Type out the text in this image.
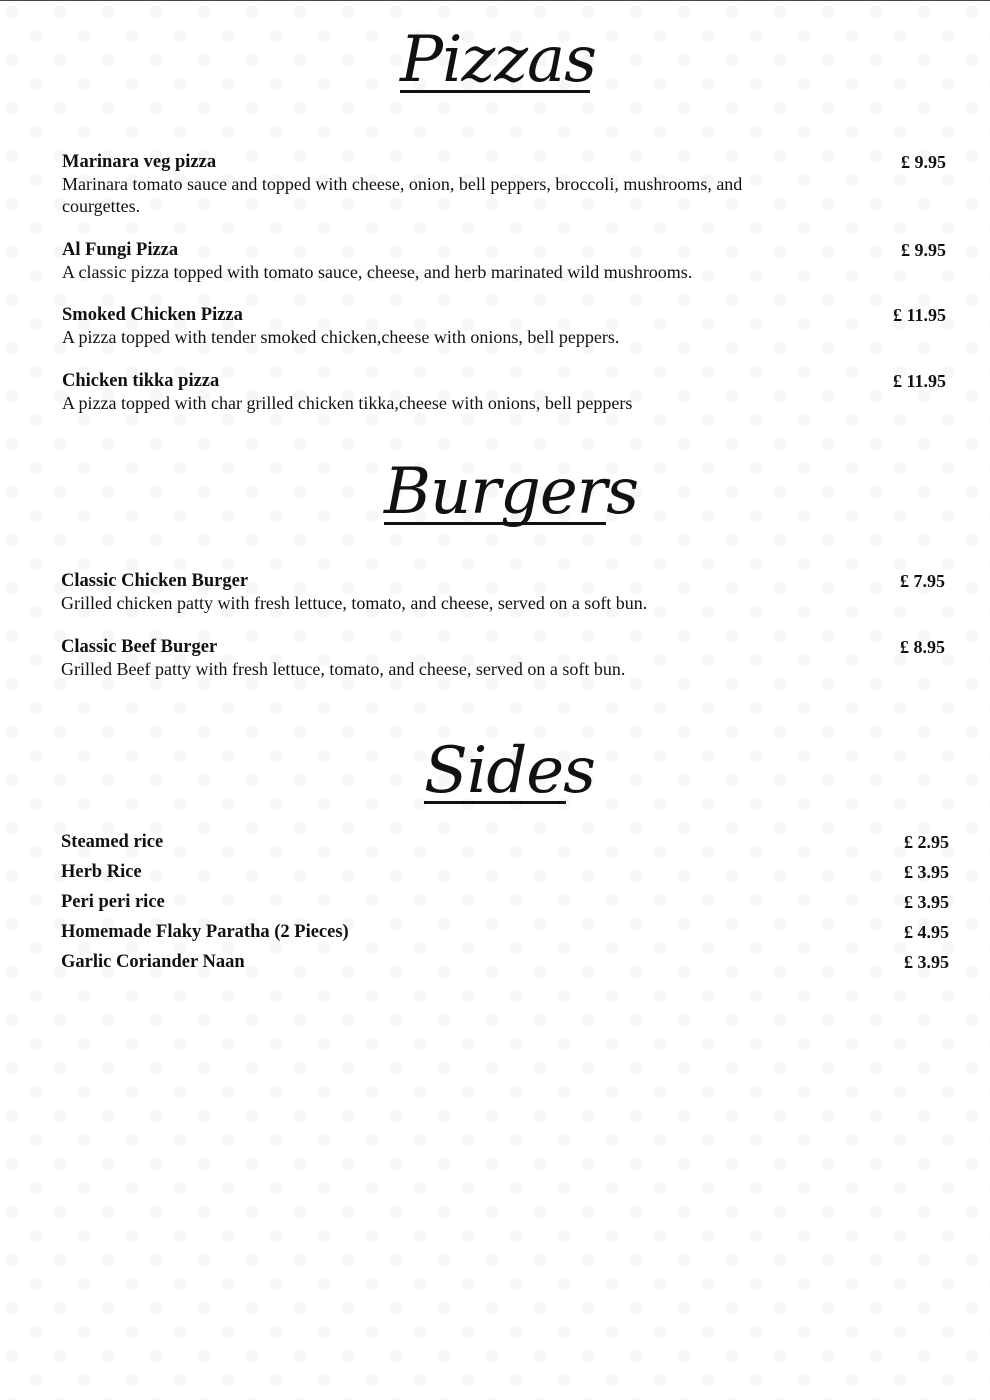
Pizzas
Marinara veg pizza	£ 9.95
Marinara tomato sauce and topped with cheese, onion, bell peppers, broccoli, mushrooms, and courgettes.
Al Fungi Pizza	£ 9.95
A classic pizza topped with tomato sauce, cheese, and herb marinated wild mushrooms.
Smoked Chicken Pizza	£ 11.95
A pizza topped with tender smoked chicken,cheese with onions, bell peppers.
Chicken tikka pizza	£ 11.95
A pizza topped with char grilled chicken tikka,cheese with onions, bell peppers
Burgers
Classic Chicken Burger	£ 7.95
Grilled chicken patty with fresh lettuce, tomato, and cheese, served on a soft bun.
Classic Beef Burger	£ 8.95
Grilled Beef patty with fresh lettuce, tomato, and cheese, served on a soft bun.
Sides
Steamed rice	£ 2.95
Herb Rice	£ 3.95
Peri peri rice	£ 3.95
Homemade Flaky Paratha (2 Pieces)	£ 4.95
Garlic Coriander Naan	£ 3.95
